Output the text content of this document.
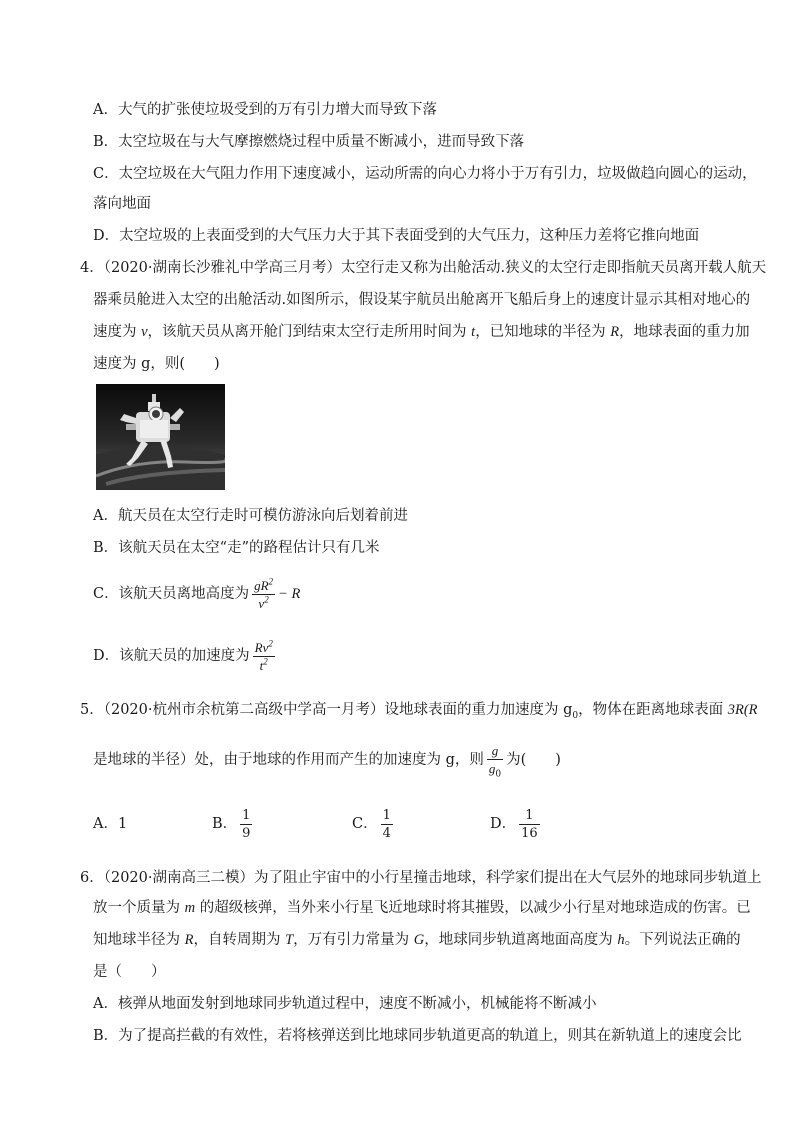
A．大气的扩张使垃圾受到的万有引力增大而导致下落
B．太空垃圾在与大气摩擦燃烧过程中质量不断减小，进而导致下落
C．太空垃圾在大气阻力作用下速度减小，运动所需的向心力将小于万有引力，垃圾做趋向圆心的运动，
落向地面
D．太空垃圾的上表面受到的大气压力大于其下表面受到的大气压力，这种压力差将它推向地面
4．（2020·湖南长沙雅礼中学高三月考）太空行走又称为出舱活动.狭义的太空行走即指航天员离开载人航天
器乘员舱进入太空的出舱活动.如图所示，假设某宇航员出舱离开飞船后身上的速度计显示其相对地心的
速度为 v，该航天员从离开舱门到结束太空行走所用时间为 t，已知地球的半径为 R，地球表面的重力加
速度为 g，则(　　)
A．航天员在太空行走时可模仿游泳向后划着前进
B．该航天员在太空“走”的路程估计只有几米
C．该航天员离地高度为 $\frac{gR^2}{v^2} - R$
D．该航天员的加速度为 $\frac{Rv^2}{t^2}$
5．（2020·杭州市余杭第二高级中学高一月考）设地球表面的重力加速度为 $g_0$，物体在距离地球表面 3R(R
是地球的半径）处，由于地球的作用而产生的加速度为 g，则 $\frac{g}{g_0}$ 为(　　)
A．1	B． $\frac{1}{9}$	C． $\frac{1}{4}$	D． $\frac{1}{16}$
6．（2020·湖南高三二模）为了阻止宇宙中的小行星撞击地球，科学家们提出在大气层外的地球同步轨道上
放一个质量为 m 的超级核弹，当外来小行星飞近地球时将其摧毁，以减少小行星对地球造成的伤害。已
知地球半径为 R，自转周期为 T，万有引力常量为 G，地球同步轨道离地面高度为 h。下列说法正确的
是（　　）
A．核弹从地面发射到地球同步轨道过程中，速度不断减小，机械能将不断减小
B．为了提高拦截的有效性，若将核弹送到比地球同步轨道更高的轨道上，则其在新轨道上的速度会比
